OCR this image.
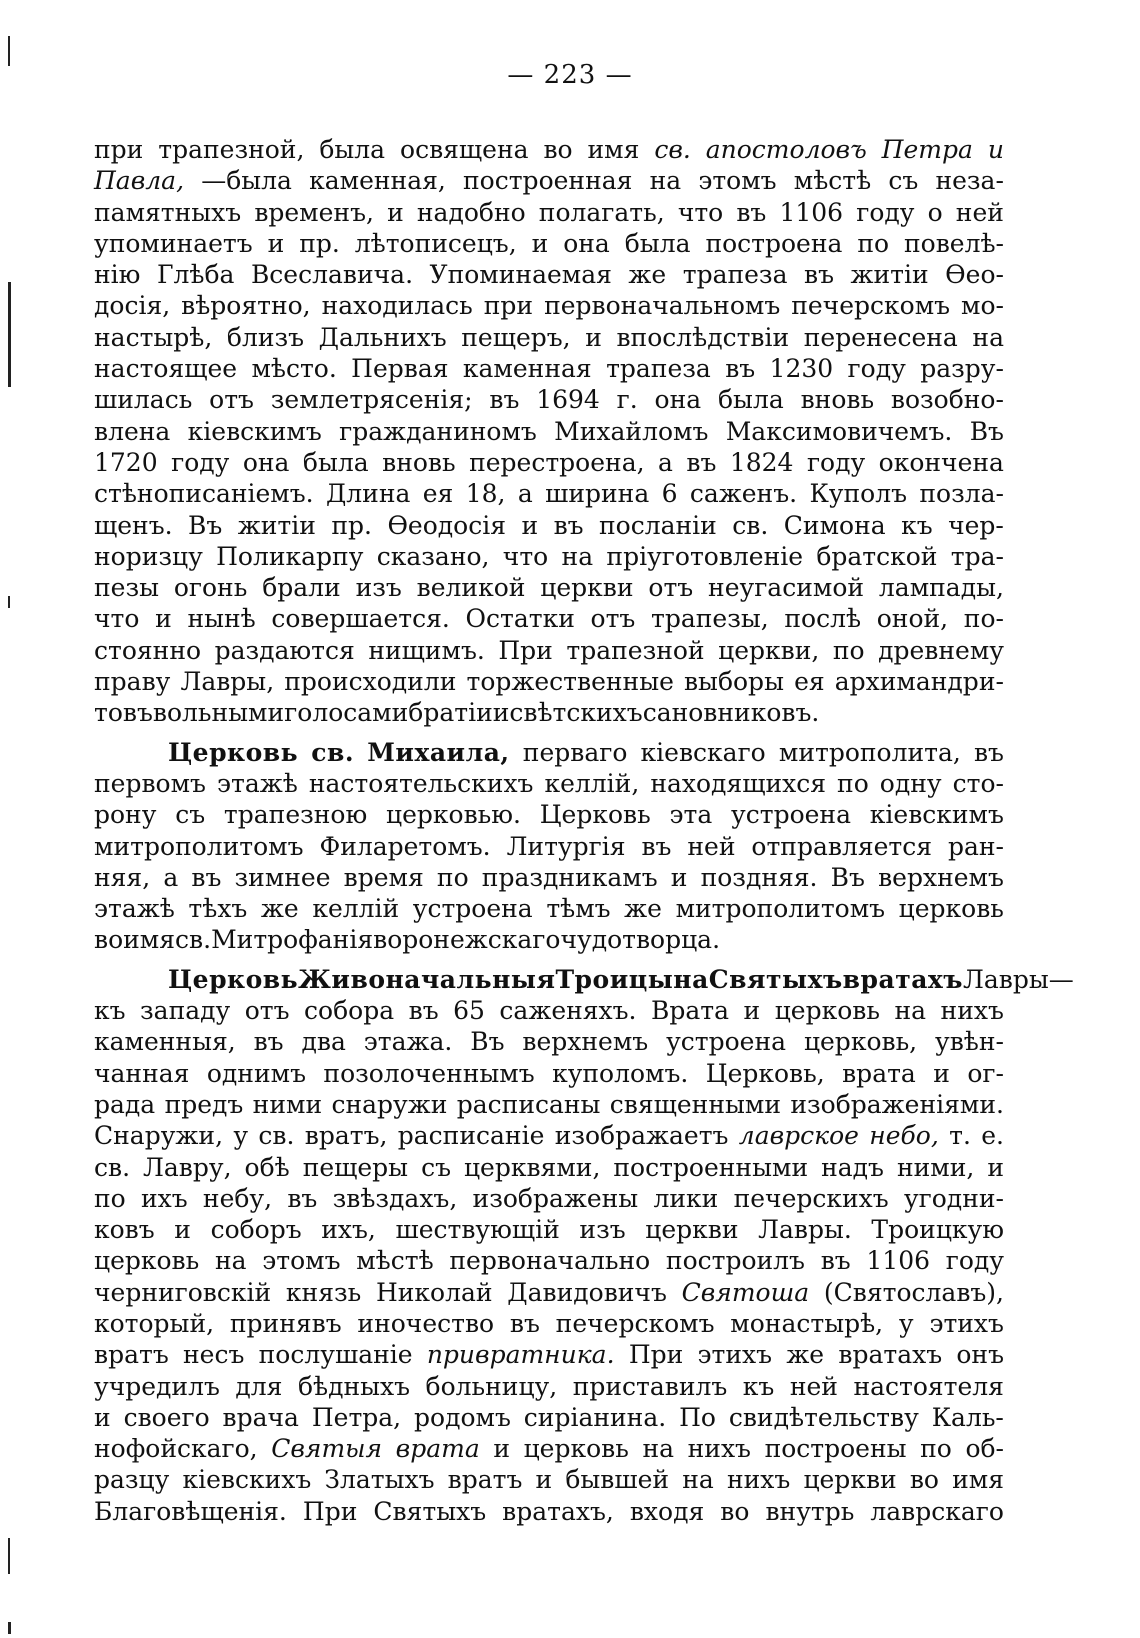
— 223 —
при трапезной, была освящена во имя св. апостоловъ Петра и
Павла, —была каменная, построенная на этомъ мѣстѣ съ неза-
памятныхъ временъ, и надобно полагать, что въ 1106 году о ней
упоминаетъ и пр. лѣтописецъ, и она была построена по повелѣ-
нію Глѣба Всеславича. Упоминаемая же трапеза въ житіи Ѳео-
досія, вѣроятно, находилась при первоначальномъ печерскомъ мо-
настырѣ, близъ Дальнихъ пещеръ, и впослѣдствіи перенесена на
настоящее мѣсто. Первая каменная трапеза въ 1230 году разру-
шилась отъ землетрясенія; въ 1694 г. она была вновь возобно-
влена кіевскимъ гражданиномъ Михайломъ Максимовичемъ. Въ
1720 году она была вновь перестроена, а въ 1824 году окончена
стѣнописаніемъ. Длина ея 18, а ширина 6 саженъ. Куполъ позла-
щенъ. Въ житіи пр. Ѳеодосія и въ посланіи св. Симона къ чер-
норизцу Поликарпу сказано, что на пріуготовленіе братской тра-
пезы огонь брали изъ великой церкви отъ неугасимой лампады,
что и нынѣ совершается. Остатки отъ трапезы, послѣ оной, по-
стоянно раздаются нищимъ. При трапезной церкви, по древнему
праву Лавры, происходили торжественные выборы ея архимандри-
товъ вольными голосами братіи и свѣтскихъ сановниковъ.
Церковь св. Михаила, перваго кіевскаго митрополита, въ
первомъ этажѣ настоятельскихъ келлій, находящихся по одну сто-
рону съ трапезною церковью. Церковь эта устроена кіевскимъ
митрополитомъ Филаретомъ. Литургія въ ней отправляется ран-
няя, а въ зимнее время по праздникамъ и поздняя. Въ верхнемъ
этажѣ тѣхъ же келлій устроена тѣмъ же митрополитомъ церковь
во имя св. Митрофанія воронежскаго чудотворца.
Церковь Живоначальныя Троицы на Святыхъ вратахъ Лавры—
къ западу отъ собора въ 65 саженяхъ. Врата и церковь на нихъ
каменныя, въ два этажа. Въ верхнемъ устроена церковь, увѣн-
чанная однимъ позолоченнымъ куполомъ. Церковь, врата и ог-
рада предъ ними снаружи расписаны священными изображеніями.
Снаружи, у св. вратъ, расписаніе изображаетъ лаврское небо, т. е.
св. Лавру, обѣ пещеры съ церквями, построенными надъ ними, и
по ихъ небу, въ звѣздахъ, изображены лики печерскихъ угодни-
ковъ и соборъ ихъ, шествующій изъ церкви Лавры. Троицкую
церковь на этомъ мѣстѣ первоначально построилъ въ 1106 году
черниговскій князь Николай Давидовичъ Святоша (Святославъ),
который, принявъ иночество въ печерскомъ монастырѣ, у этихъ
вратъ несъ послушаніе привратника. При этихъ же вратахъ онъ
учредилъ для бѣдныхъ больницу, приставилъ къ ней настоятеля
и своего врача Петра, родомъ сиріанина. По свидѣтельству Каль-
нофойскаго, Святыя врата и церковь на нихъ построены по об-
разцу кіевскихъ Златыхъ вратъ и бывшей на нихъ церкви во имя
Благовѣщенія. При Святыхъ вратахъ, входя во внутрь лаврскаго
